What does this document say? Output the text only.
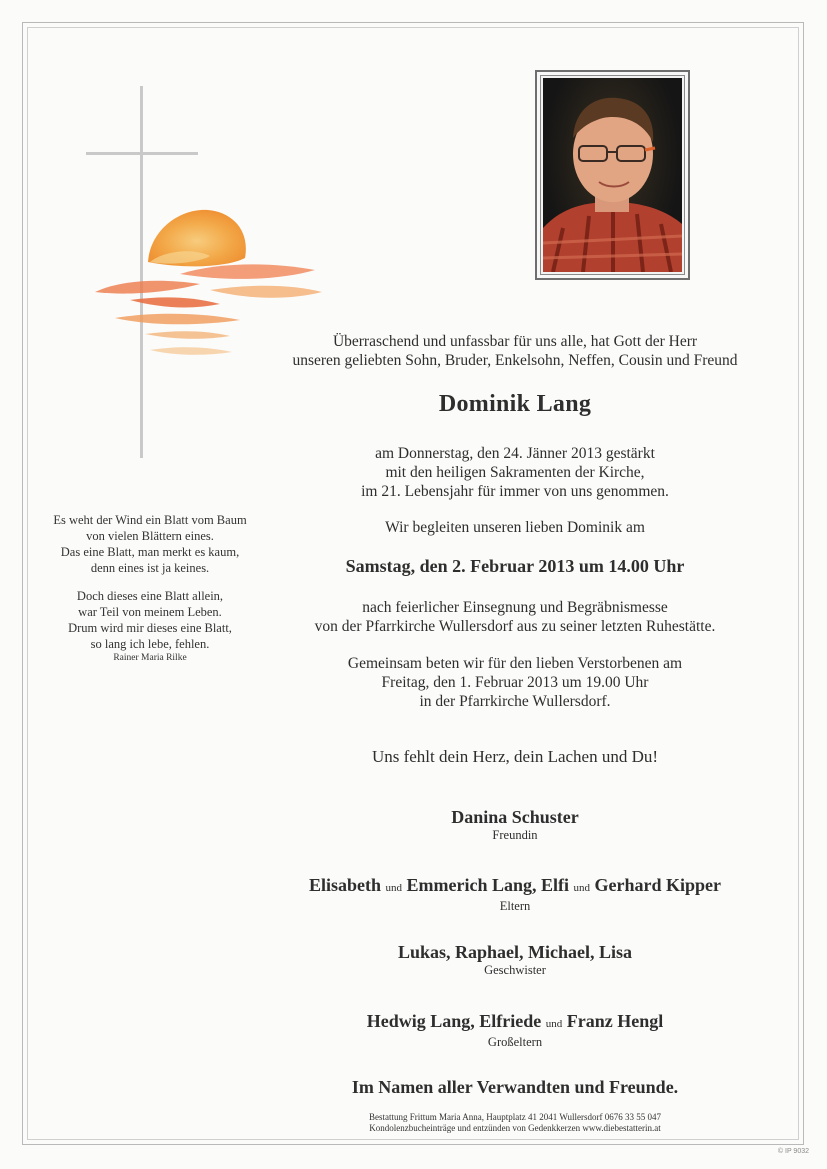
Es weht der Wind ein Blatt vom Baum
von vielen Blättern eines.
Das eine Blatt, man merkt es kaum,
denn eines ist ja keines.
Doch dieses eine Blatt allein,
war Teil von meinem Leben.
Drum wird mir dieses eine Blatt,
so lang ich lebe, fehlen.
Rainer Maria Rilke
Überraschend und unfassbar für uns alle, hat Gott der Herr
unseren geliebten Sohn, Bruder, Enkelsohn, Neffen, Cousin und Freund
Dominik Lang
am Donnerstag, den 24. Jänner 2013 gestärkt
mit den heiligen Sakramenten der Kirche,
im 21. Lebensjahr für immer von uns genommen.
Wir begleiten unseren lieben Dominik am
Samstag, den 2. Februar 2013 um 14.00 Uhr
nach feierlicher Einsegnung und Begräbnismesse
von der Pfarrkirche Wullersdorf aus zu seiner letzten Ruhestätte.
Gemeinsam beten wir für den lieben Verstorbenen am
Freitag, den 1. Februar 2013 um 19.00 Uhr
in der Pfarrkirche Wullersdorf.
Uns fehlt dein Herz, dein Lachen und Du!
Danina Schuster
Freundin
Elisabeth und Emmerich Lang, Elfi und Gerhard Kipper
Eltern
Lukas, Raphael, Michael, Lisa
Geschwister
Hedwig Lang, Elfriede und Franz Hengl
Großeltern
Im Namen aller Verwandten und Freunde.
Bestattung Frittum Maria Anna, Hauptplatz 41 2041 Wullersdorf 0676 33 55 047
Kondolenzbucheinträge und entzünden von Gedenkkerzen www.diebestatterin.at
© IP 9032
